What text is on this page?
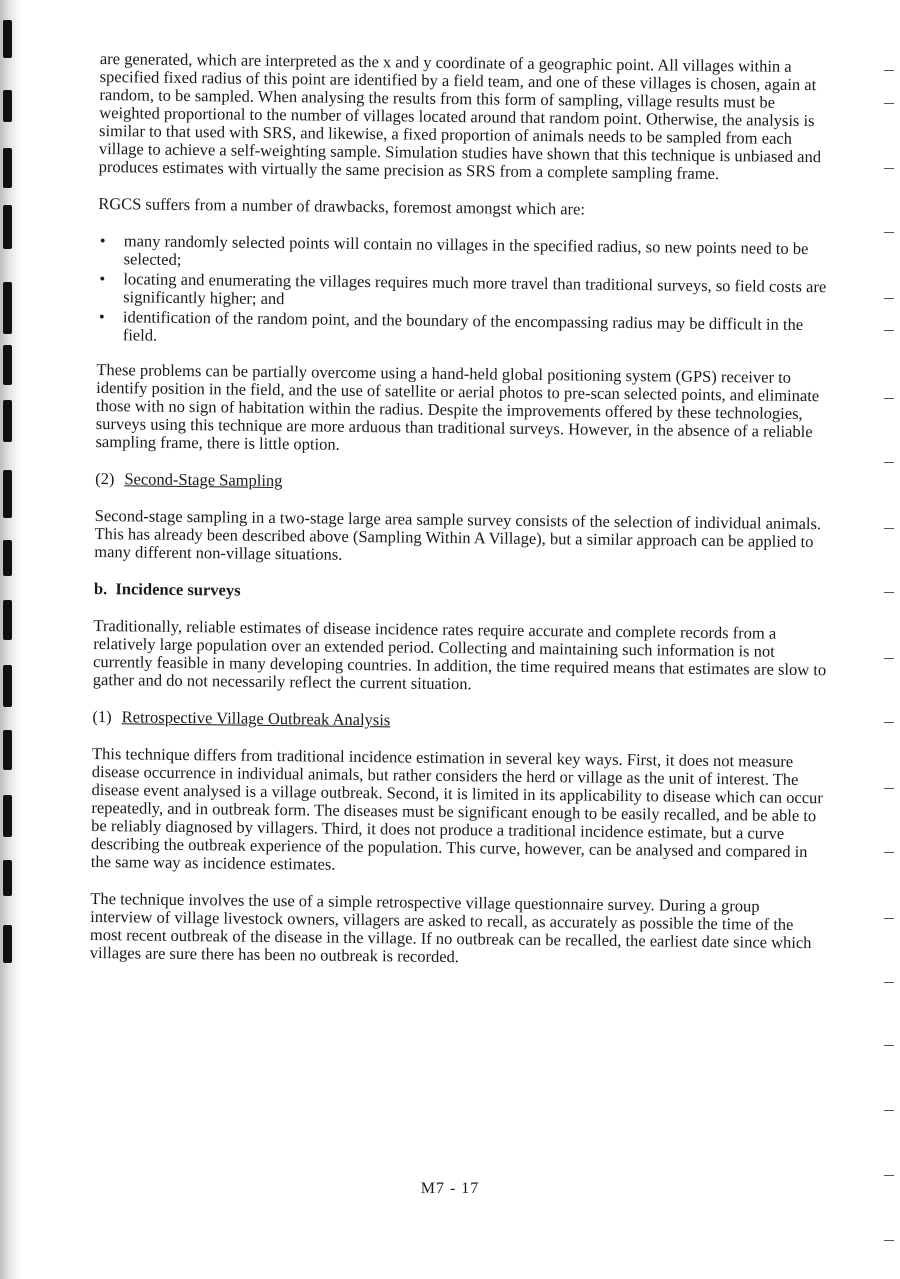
are generated, which are interpreted as the x and y coordinate of a geographic point. All villages within a specified fixed radius of this point are identified by a field team, and one of these villages is chosen, again at random, to be sampled. When analysing the results from this form of sampling, village results must be weighted proportional to the number of villages located around that random point. Otherwise, the analysis is similar to that used with SRS, and likewise, a fixed proportion of animals needs to be sampled from each village to achieve a self-weighting sample. Simulation studies have shown that this technique is unbiased and produces estimates with virtually the same precision as SRS from a complete sampling frame.

RGCS suffers from a number of drawbacks, foremost amongst which are:

• many randomly selected points will contain no villages in the specified radius, so new points need to be selected;
• locating and enumerating the villages requires much more travel than traditional surveys, so field costs are significantly higher; and
• identification of the random point, and the boundary of the encompassing radius may be difficult in the field.

These problems can be partially overcome using a hand-held global positioning system (GPS) receiver to identify position in the field, and the use of satellite or aerial photos to pre-scan selected points, and eliminate those with no sign of habitation within the radius. Despite the improvements offered by these technologies, surveys using this technique are more arduous than traditional surveys. However, in the absence of a reliable sampling frame, there is little option.

(2) Second-Stage Sampling

Second-stage sampling in a two-stage large area sample survey consists of the selection of individual animals. This has already been described above (Sampling Within A Village), but a similar approach can be applied to many different non-village situations.

b. Incidence surveys

Traditionally, reliable estimates of disease incidence rates require accurate and complete records from a relatively large population over an extended period. Collecting and maintaining such information is not currently feasible in many developing countries. In addition, the time required means that estimates are slow to gather and do not necessarily reflect the current situation.

(1) Retrospective Village Outbreak Analysis

This technique differs from traditional incidence estimation in several key ways. First, it does not measure disease occurrence in individual animals, but rather considers the herd or village as the unit of interest. The disease event analysed is a village outbreak. Second, it is limited in its applicability to disease which can occur repeatedly, and in outbreak form. The diseases must be significant enough to be easily recalled, and be able to be reliably diagnosed by villagers. Third, it does not produce a traditional incidence estimate, but a curve describing the outbreak experience of the population. This curve, however, can be analysed and compared in the same way as incidence estimates.

The technique involves the use of a simple retrospective village questionnaire survey. During a group interview of village livestock owners, villagers are asked to recall, as accurately as possible the time of the most recent outbreak of the disease in the village. If no outbreak can be recalled, the earliest date since which villages are sure there has been no outbreak is recorded.

M7 - 17
